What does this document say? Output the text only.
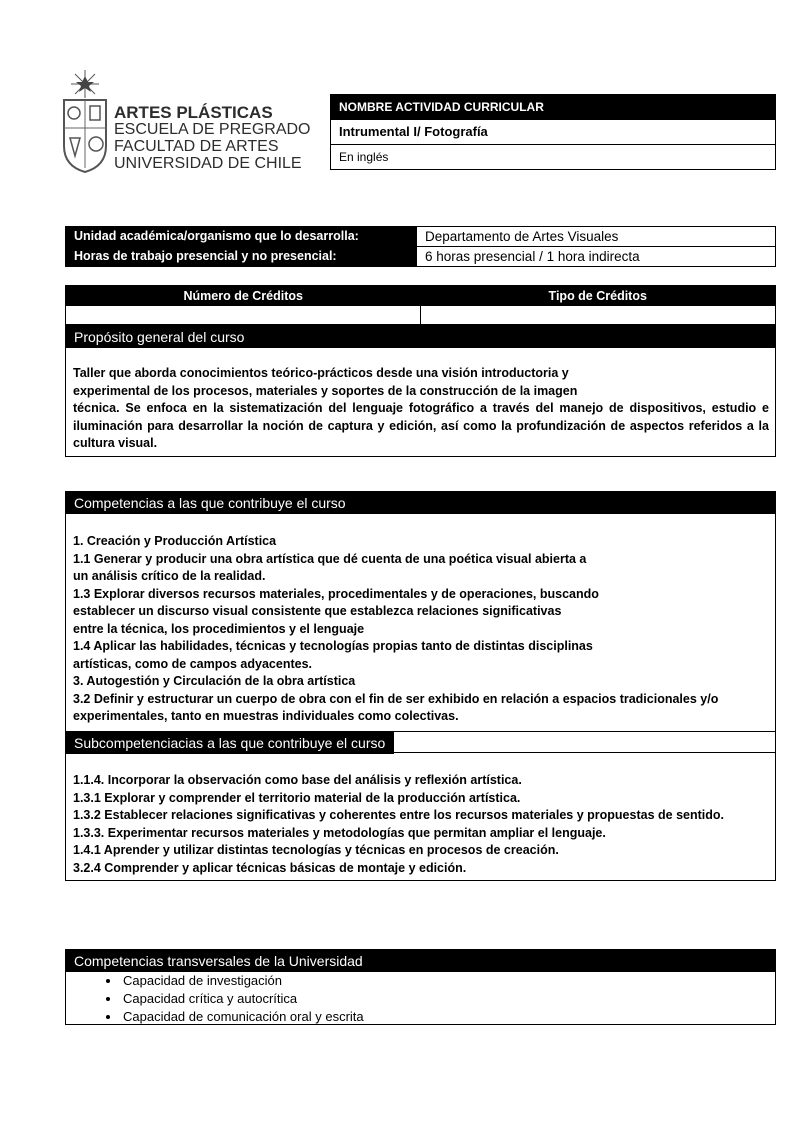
ARTES PLÁSTICAS
ESCUELA DE PREGRADO
FACULTAD DE ARTES
UNIVERSIDAD DE CHILE
NOMBRE ACTIVIDAD CURRICULAR
Intrumental I/ Fotografía
En inglés
Unidad académica/organismo que lo desarrolla:	Departamento de Artes Visuales
Horas de trabajo presencial y no presencial:	6 horas presencial / 1 hora indirecta
Número de Créditos	Tipo de Créditos
Propósito general del curso
Taller que aborda conocimientos teórico-prácticos desde una visión introductoria y
experimental de los procesos, materiales y soportes de la construcción de la imagen
técnica. Se enfoca en la sistematización del lenguaje fotográfico a través del manejo de dispositivos, estudio e iluminación para desarrollar la noción de captura y edición, así como la profundización de aspectos referidos a la cultura visual.
Competencias a las que contribuye el curso
1. Creación y Producción Artística
1.1 Generar y producir una obra artística que dé cuenta de una poética visual abierta a
un análisis crítico de la realidad.
1.3 Explorar diversos recursos materiales, procedimentales y de operaciones, buscando
establecer un discurso visual consistente que establezca relaciones significativas
entre la técnica, los procedimientos y el lenguaje
1.4 Aplicar las habilidades, técnicas y tecnologías propias tanto de distintas disciplinas
artísticas, como de campos adyacentes.
3. Autogestión y Circulación de la obra artística
3.2 Definir y estructurar un cuerpo de obra con el fin de ser exhibido en relación a espacios tradicionales y/o
experimentales, tanto en muestras individuales como colectivas.
Subcompetenciacias a las que contribuye el curso
1.1.4. Incorporar la observación como base del análisis y reflexión artística.
1.3.1 Explorar y comprender el territorio material de la producción artística.
1.3.2 Establecer relaciones significativas y coherentes entre los recursos materiales y propuestas de sentido.
1.3.3. Experimentar recursos materiales y metodologías que permitan ampliar el lenguaje.
1.4.1 Aprender y utilizar distintas tecnologías y técnicas en procesos de creación.
3.2.4 Comprender y aplicar técnicas básicas de montaje y edición.
Competencias transversales de la Universidad
• Capacidad de investigación
• Capacidad crítica y autocrítica
• Capacidad de comunicación oral y escrita
